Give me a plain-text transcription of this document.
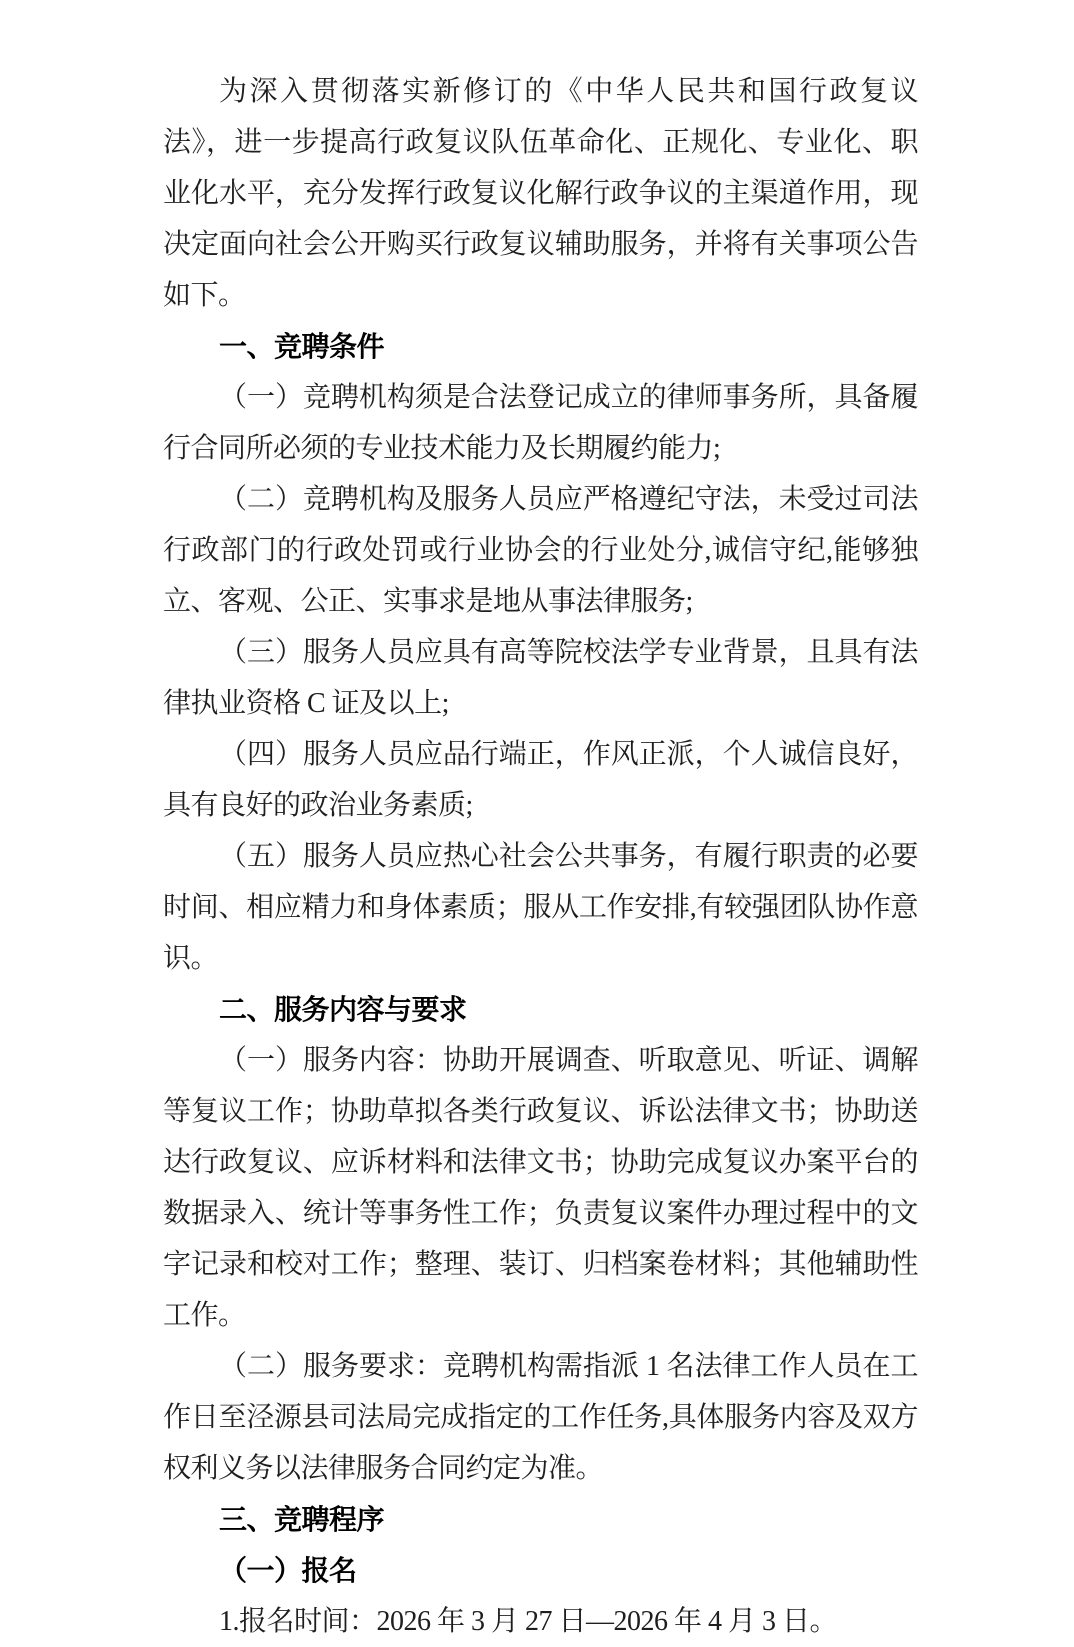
为深入贯彻落实新修订的《中华人民共和国行政复议法》，进一步提高行政复议队伍革命化、正规化、专业化、职业化水平，充分发挥行政复议化解行政争议的主渠道作用，现决定面向社会公开购买行政复议辅助服务，并将有关事项公告如下。

一、竞聘条件

（一）竞聘机构须是合法登记成立的律师事务所，具备履行合同所必须的专业技术能力及长期履约能力;

（二）竞聘机构及服务人员应严格遵纪守法，未受过司法行政部门的行政处罚或行业协会的行业处分,诚信守纪,能够独立、客观、公正、实事求是地从事法律服务;

（三）服务人员应具有高等院校法学专业背景，且具有法律执业资格 C 证及以上;

（四）服务人员应品行端正，作风正派，个人诚信良好，具有良好的政治业务素质;

（五）服务人员应热心社会公共事务，有履行职责的必要时间、相应精力和身体素质；服从工作安排,有较强团队协作意识。

二、服务内容与要求

（一）服务内容：协助开展调查、听取意见、听证、调解等复议工作；协助草拟各类行政复议、诉讼法律文书；协助送达行政复议、应诉材料和法律文书；协助完成复议办案平台的数据录入、统计等事务性工作；负责复议案件办理过程中的文字记录和校对工作；整理、装订、归档案卷材料；其他辅助性工作。

（二）服务要求：竞聘机构需指派 1 名法律工作人员在工作日至泾源县司法局完成指定的工作任务,具体服务内容及双方权利义务以法律服务合同约定为准。

三、竞聘程序
（一）报名

1.报名时间：2026 年 3 月 27 日—2026 年 4 月 3 日。
